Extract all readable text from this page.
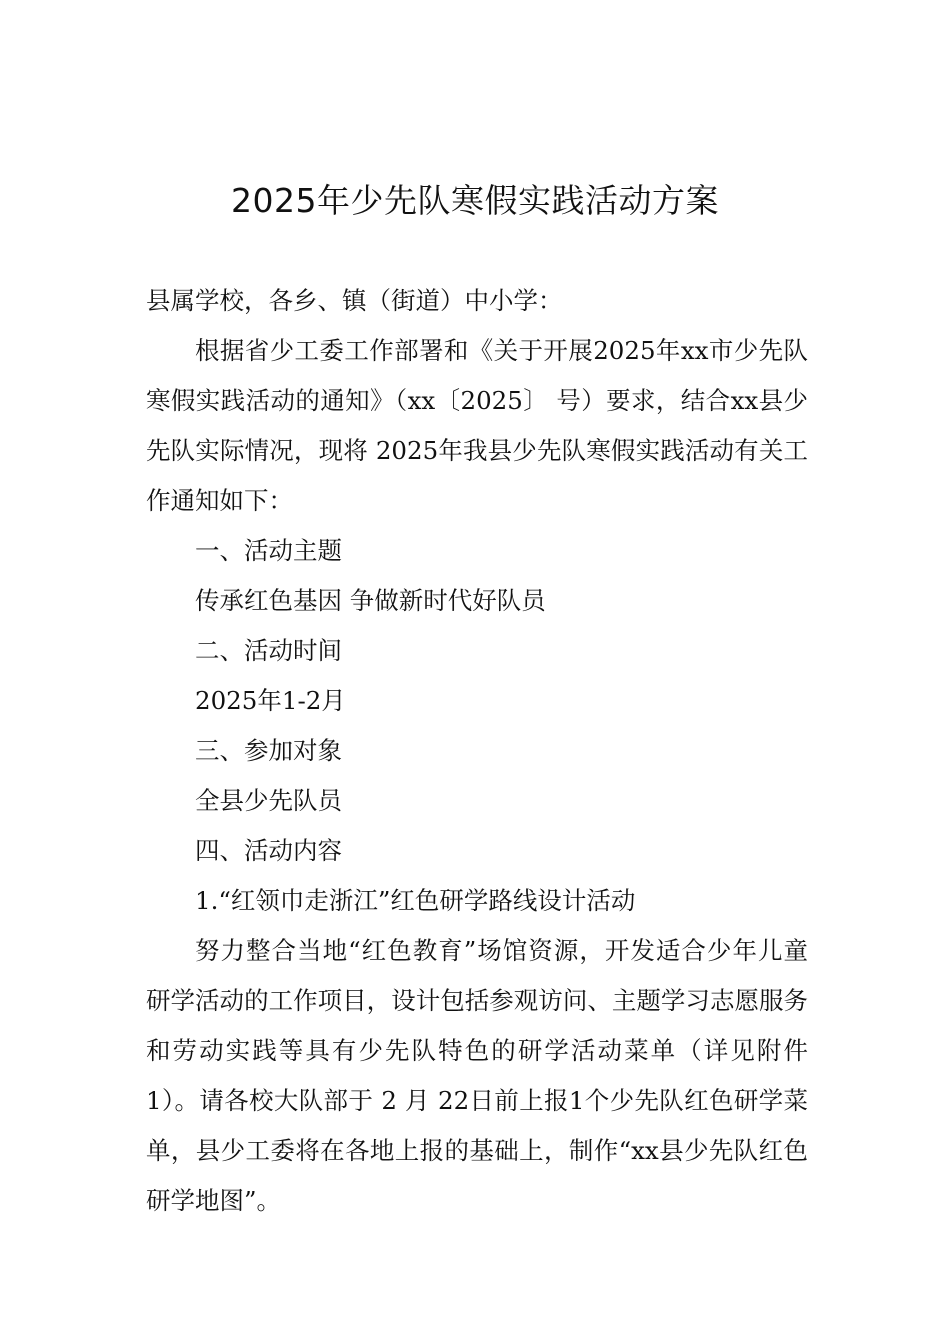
2025年少先队寒假实践活动方案

县属学校，各乡、镇（街道）中小学：

根据省少工委工作部署和《关于开展2025年xx市少先队寒假实践活动的通知》（xx〔2025〕 号）要求，结合xx县少先队实际情况，现将 2025年我县少先队寒假实践活动有关工作通知如下：

一、活动主题

传承红色基因 争做新时代好队员

二、活动时间

2025年1-2月

三、参加对象

全县少先队员

四、活动内容

1.“红领巾走浙江”红色研学路线设计活动

努力整合当地“红色教育”场馆资源，开发适合少年儿童研学活动的工作项目，设计包括参观访问、主题学习志愿服务和劳动实践等具有少先队特色的研学活动菜单（详见附件 1）。请各校大队部于 2 月 22日前上报1个少先队红色研学菜单，县少工委将在各地上报的基础上，制作“xx县少先队红色研学地图”。
